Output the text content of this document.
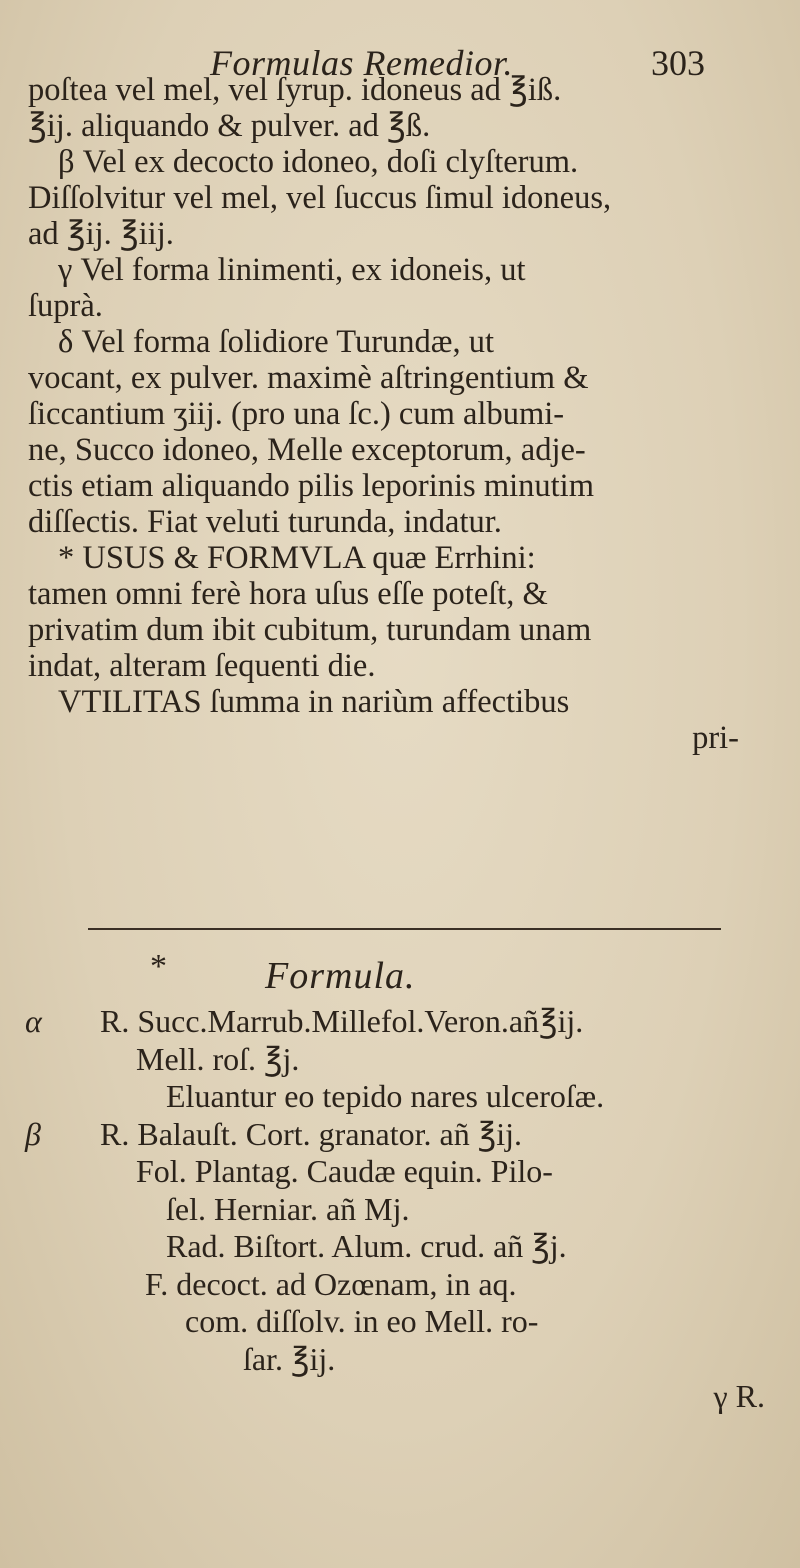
Formulas Remedior.	303
poſtea vel mel, vel ſyrup. idoneus ad ℥iß.
℥ij. aliquando & pulver. ad ℥ß.
β Vel ex decocto idoneo, doſi clyſterum.
Diſſolvitur vel mel, vel ſuccus ſimul idoneus,
ad ℥ij. ℥iij.
γ Vel forma linimenti, ex idoneis, ut
ſuprà.
δ Vel forma ſolidiore Turundæ, ut
vocant, ex pulver. maximè aſtringentium &
ſiccantium ʒiij. (pro una ſc.) cum albumi-
ne, Succo idoneo, Melle exceptorum, adje-
ctis etiam aliquando pilis leporinis minutim
diſſectis. Fiat veluti turunda, indatur.
* USUS & FORMVLA quæ Errhini:
tamen omni ferè hora uſus eſſe poteſt, &
privatim dum ibit cubitum, turundam unam
indat, alteram ſequenti die.
VTILITAS ſumma in nariùm affectibus
pri-
*	Formula.
α R. Succ.Marrub.Millefol.Veron.añ℥ij.
Mell. roſ. ℥j.
Eluantur eo tepido nares ulceroſæ.
β R. Balauſt. Cort. granator. añ ℥ij.
Fol. Plantag. Caudæ equin. Pilo-
ſel. Herniar. añ Mj.
Rad. Biſtort. Alum. crud. añ ℥j.
F. decoct. ad Ozœnam, in aq.
com. diſſolv. in eo Mell. ro-
ſar. ℥ij.
γ R.
